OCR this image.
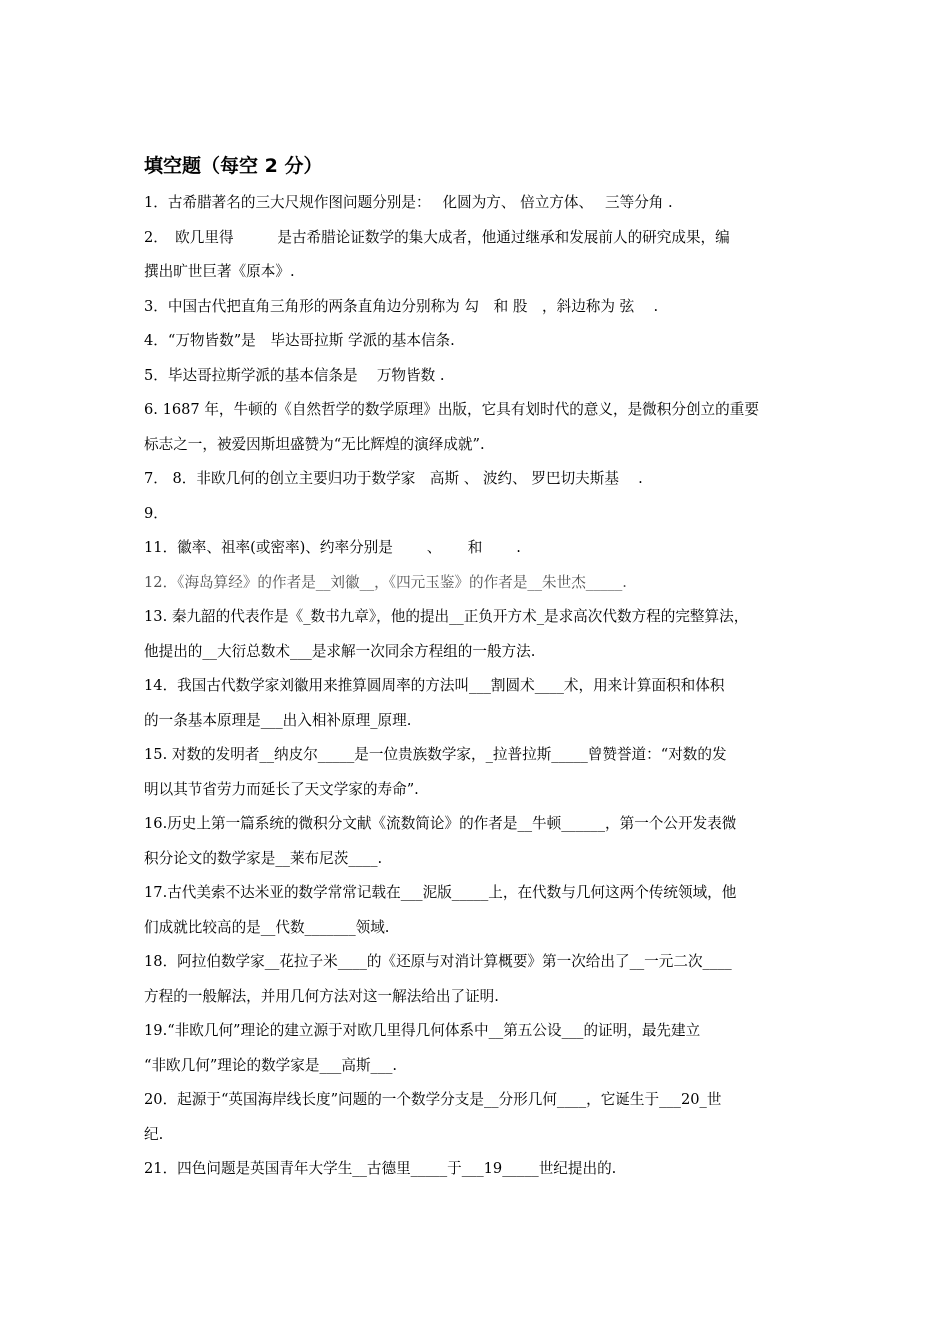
填空题（每空 2 分）
1．古希腊著名的三大尺规作图问题分别是：　 化圆为方、 倍立方体、　 三等分角 .
2．　欧几里得　　　是古希腊论证数学的集大成者，他通过继承和发展前人的研究成果，编
撰出旷世巨著《原本》.
3．中国古代把直角三角形的两条直角边分别称为 勾　和 股　，斜边称为 弦　 .
4．“万物皆数”是　毕达哥拉斯 学派的基本信条.
5．毕达哥拉斯学派的基本信条是　 万物皆数 .
6. 1687 年，牛顿的《自然哲学的数学原理》出版，它具有划时代的意义，是微积分创立的重要
标志之一，被爱因斯坦盛赞为“无比辉煌的演绎成就”.
7． 8．非欧几何的创立主要归功于数学家　高斯 、 波约、 罗巴切夫斯基　 .
9．
11．徽率、祖率(或密率)、约率分别是　　 、　　 和　　 .
12．《海岛算经》的作者是__刘徽__，《四元玉鉴》的作者是__朱世杰_____.
13. 秦九韶的代表作是《_数书九章》，他的提出__正负开方术_是求高次代数方程的完整算法，
他提出的__大衍总数术___是求解一次同余方程组的一般方法.
14．我国古代数学家刘徽用来推算圆周率的方法叫___割圆术____术，用来计算面积和体积
的一条基本原理是___出入相补原理_原理.
15. 对数的发明者__纳皮尔_____是一位贵族数学家，_拉普拉斯_____曾赞誉道：“对数的发
明以其节省劳力而延长了天文学家的寿命”.
16.历史上第一篇系统的微积分文献《流数简论》的作者是__牛顿______，第一个公开发表微
积分论文的数学家是__莱布尼茨____.
17.古代美索不达米亚的数学常常记载在___泥版_____上，在代数与几何这两个传统领域，他
们成就比较高的是__代数_______领域.
18．阿拉伯数学家__花拉子米____的《还原与对消计算概要》第一次给出了__一元二次____
方程的一般解法，并用几何方法对这一解法给出了证明.
19.“非欧几何”理论的建立源于对欧几里得几何体系中__第五公设___的证明，最先建立
“非欧几何”理论的数学家是___高斯___.
20．起源于“英国海岸线长度”问题的一个数学分支是__分形几何____，它诞生于___20_世
纪.
21．四色问题是英国青年大学生__古德里_____于___19_____世纪提出的.
